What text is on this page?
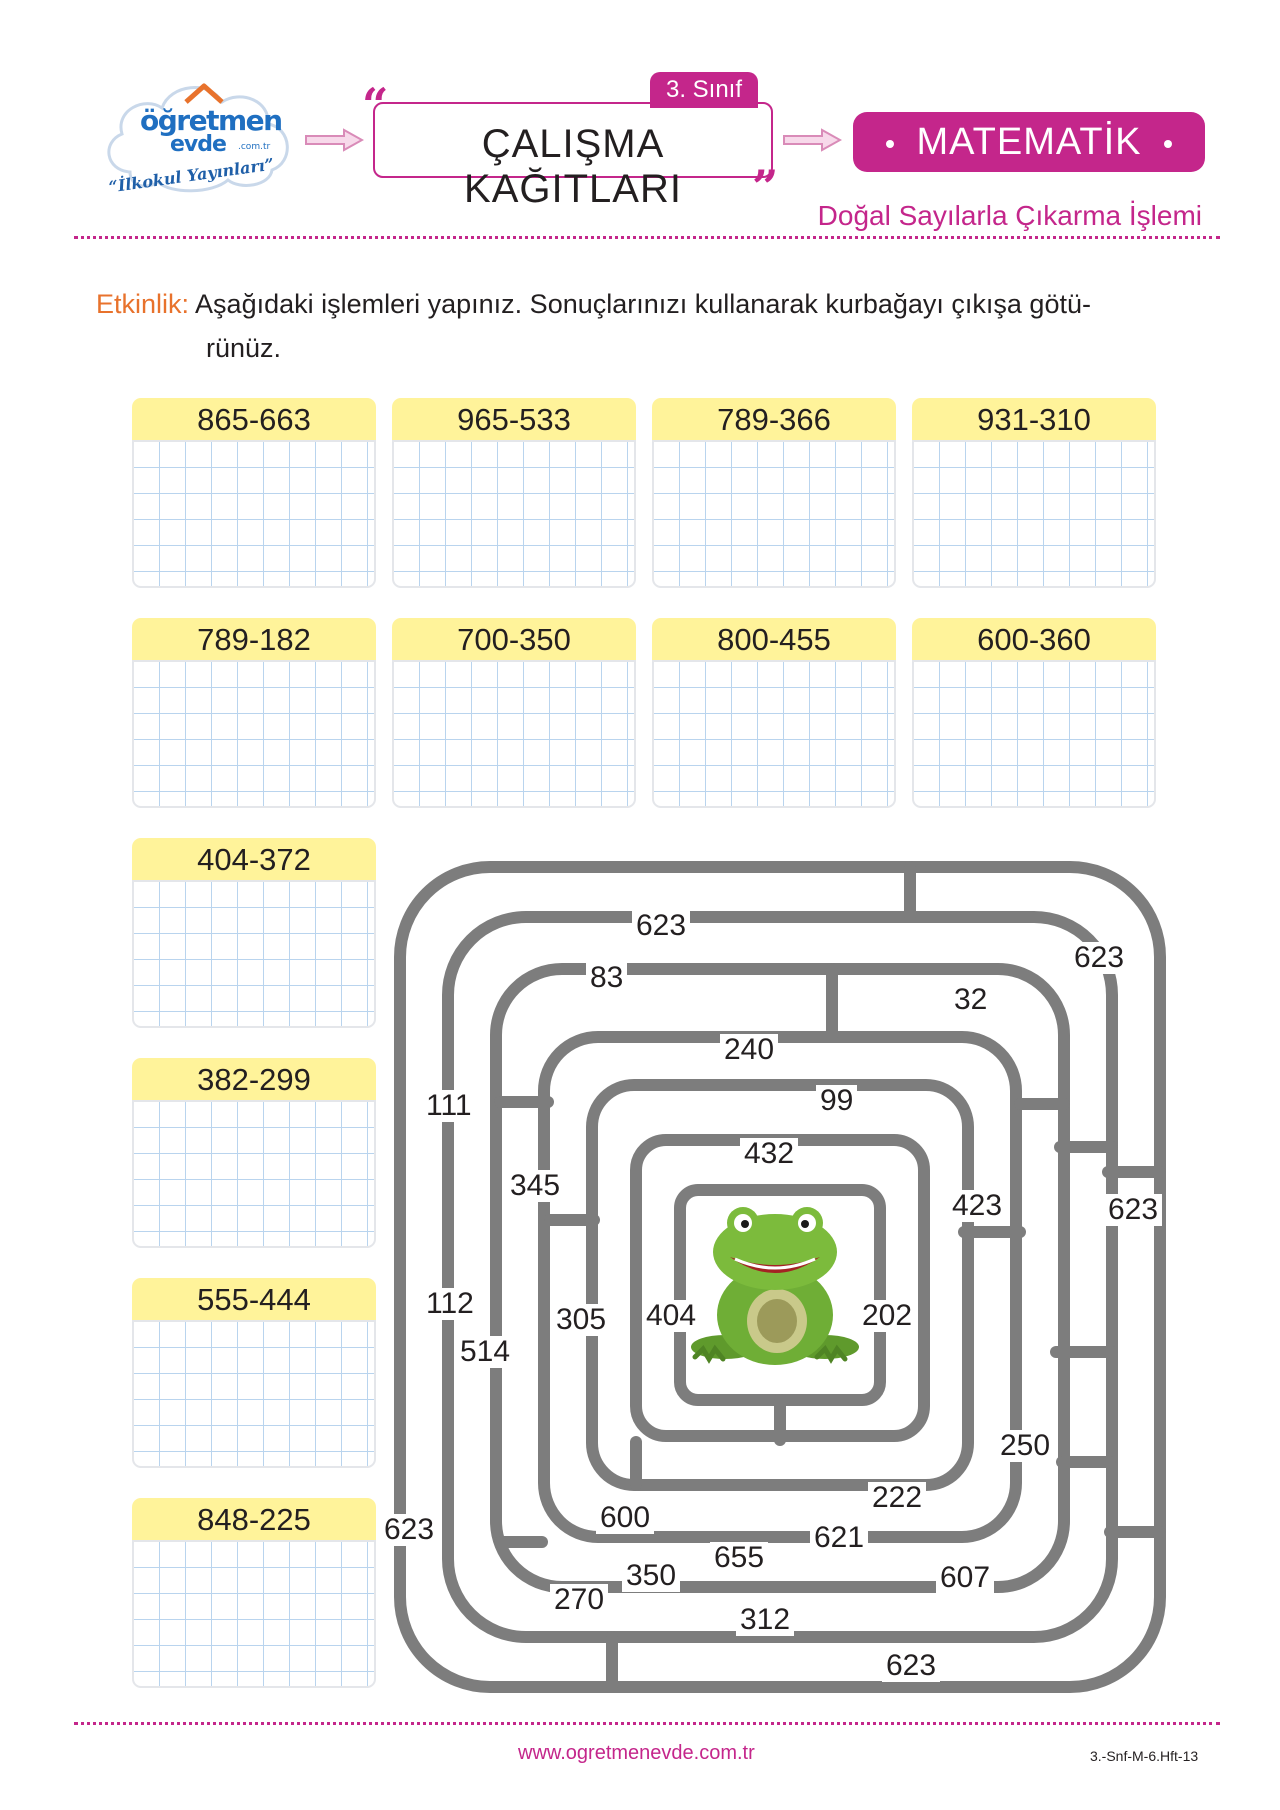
öğretmen
evde .com.tr
“İlkokul Yayınları”
3. Sınıf
ÇALIŞMA KAĞITLARI
“
”
MATEMATİK
Doğal Sayılarla Çıkarma İşlemi
Etkinlik: Aşağıdaki işlemleri yapınız. Sonuçlarınızı kullanarak kurbağayı çıkışa götü-
rünüz.
865-663	965-533	789-366	931-310
789-182	700-350	800-455	600-360
404-372
382-299
555-444
848-225
623
623
83
32
240
99
111
432
423	623
345
112	305 404	202
514
250
222
623	600
621
655
350	607
270
312
623
www.ogretmenevde.com.tr	3.-Snf-M-6.Hft-13
